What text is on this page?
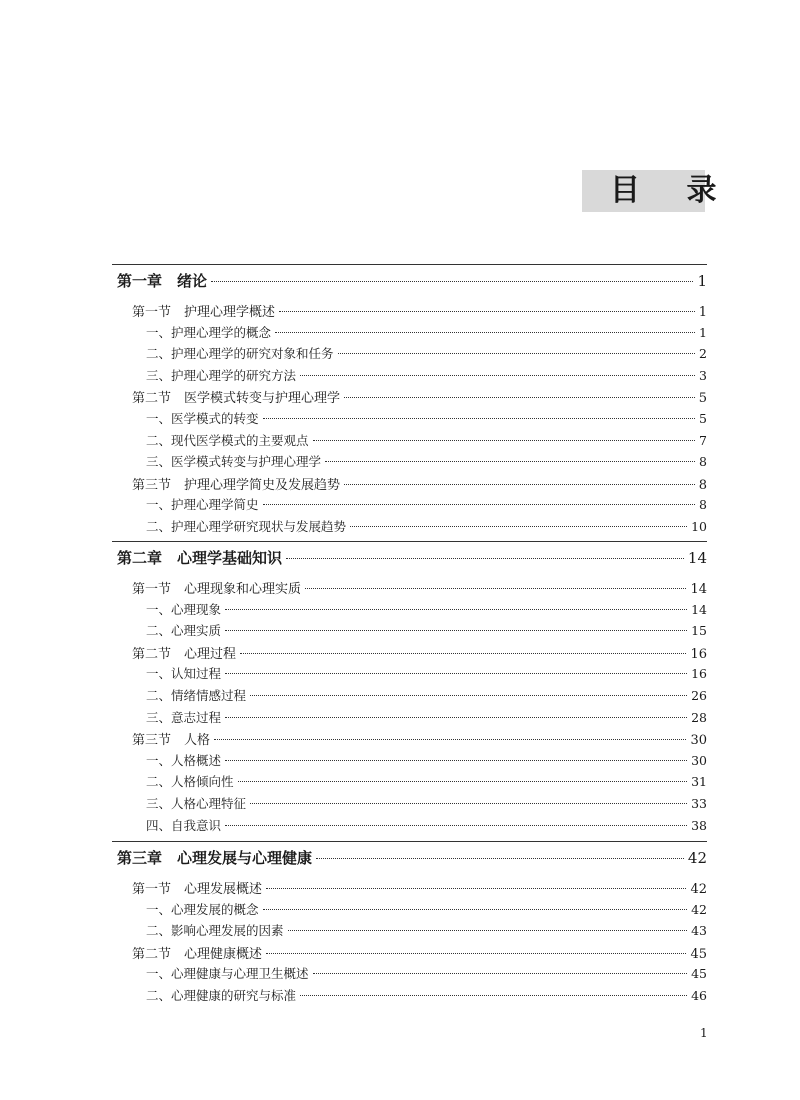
目 录
第一章　绪论	1
第一节　护理心理学概述	1
一、护理心理学的概念	1
二、护理心理学的研究对象和任务	2
三、护理心理学的研究方法	3
第二节　医学模式转变与护理心理学	5
一、医学模式的转变	5
二、现代医学模式的主要观点	7
三、医学模式转变与护理心理学	8
第三节　护理心理学简史及发展趋势	8
一、护理心理学简史	8
二、护理心理学研究现状与发展趋势	10
第二章　心理学基础知识	14
第一节　心理现象和心理实质	14
一、心理现象	14
二、心理实质	15
第二节　心理过程	16
一、认知过程	16
二、情绪情感过程	26
三、意志过程	28
第三节　人格	30
一、人格概述	30
二、人格倾向性	31
三、人格心理特征	33
四、自我意识	38
第三章　心理发展与心理健康	42
第一节　心理发展概述	42
一、心理发展的概念	42
二、影响心理发展的因素	43
第二节　心理健康概述	45
一、心理健康与心理卫生概述	45
二、心理健康的研究与标准	46
1
